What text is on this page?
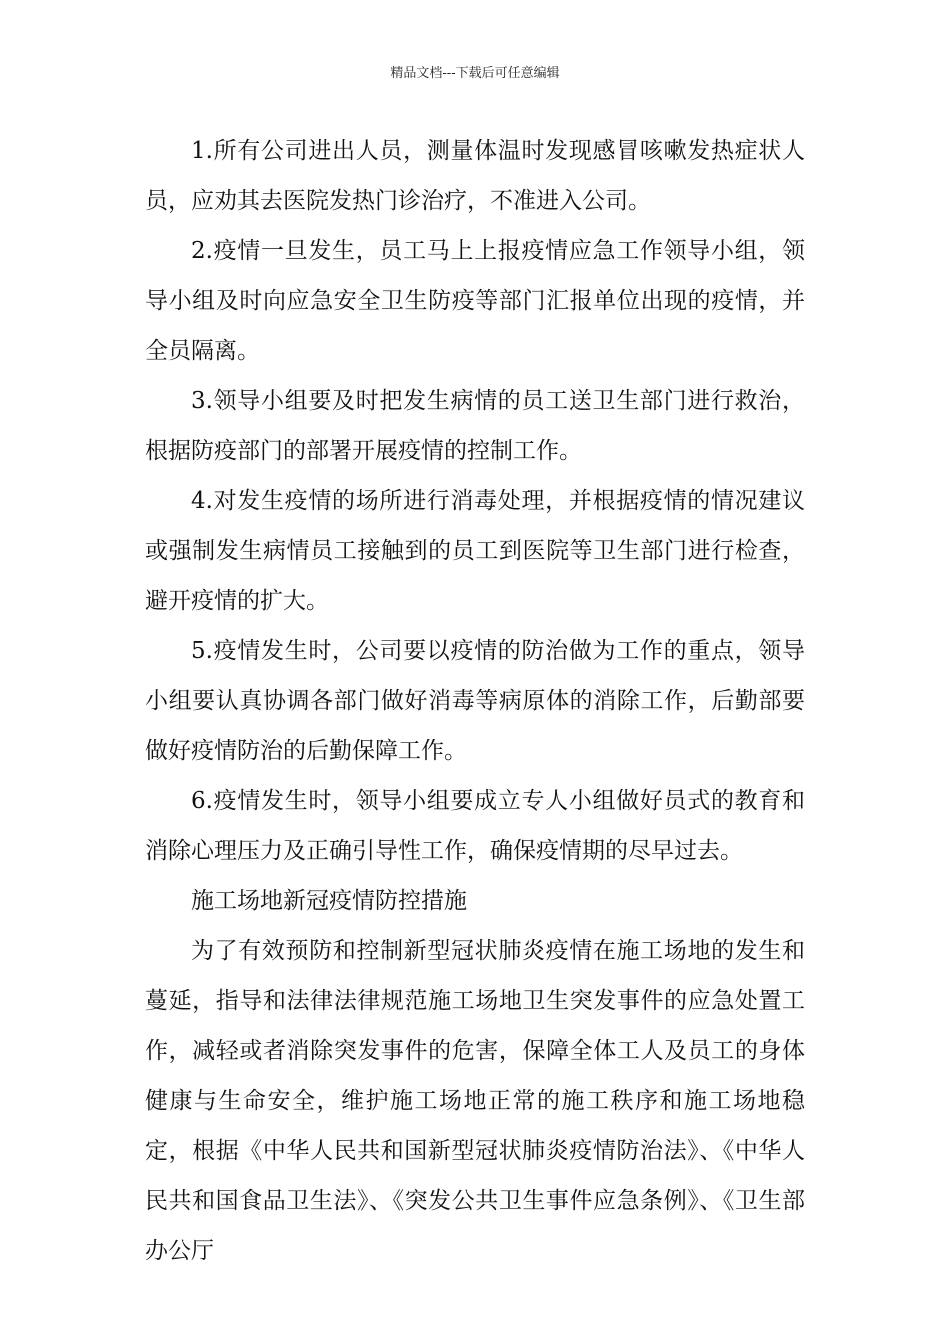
精品文档---下载后可任意编辑

1.所有公司进出人员，测量体温时发现感冒咳嗽发热症状人员，应劝其去医院发热门诊治疗，不准进入公司。

2.疫情一旦发生，员工马上上报疫情应急工作领导小组，领导小组及时向应急安全卫生防疫等部门汇报单位出现的疫情，并全员隔离。

3.领导小组要及时把发生病情的员工送卫生部门进行救治，根据防疫部门的部署开展疫情的控制工作。

4.对发生疫情的场所进行消毒处理，并根据疫情的情况建议或强制发生病情员工接触到的员工到医院等卫生部门进行检查，避开疫情的扩大。

5.疫情发生时，公司要以疫情的防治做为工作的重点，领导小组要认真协调各部门做好消毒等病原体的消除工作，后勤部要做好疫情防治的后勤保障工作。

6.疫情发生时，领导小组要成立专人小组做好员式的教育和消除心理压力及正确引导性工作，确保疫情期的尽早过去。

施工场地新冠疫情防控措施

为了有效预防和控制新型冠状肺炎疫情在施工场地的发生和蔓延，指导和法律法律规范施工场地卫生突发事件的应急处置工作，减轻或者消除突发事件的危害，保障全体工人及员工的身体健康与生命安全，维护施工场地正常的施工秩序和施工场地稳定，根据《中华人民共和国新型冠状肺炎疫情防治法》、《中华人民共和国食品卫生法》、《突发公共卫生事件应急条例》、《卫生部办公厅
